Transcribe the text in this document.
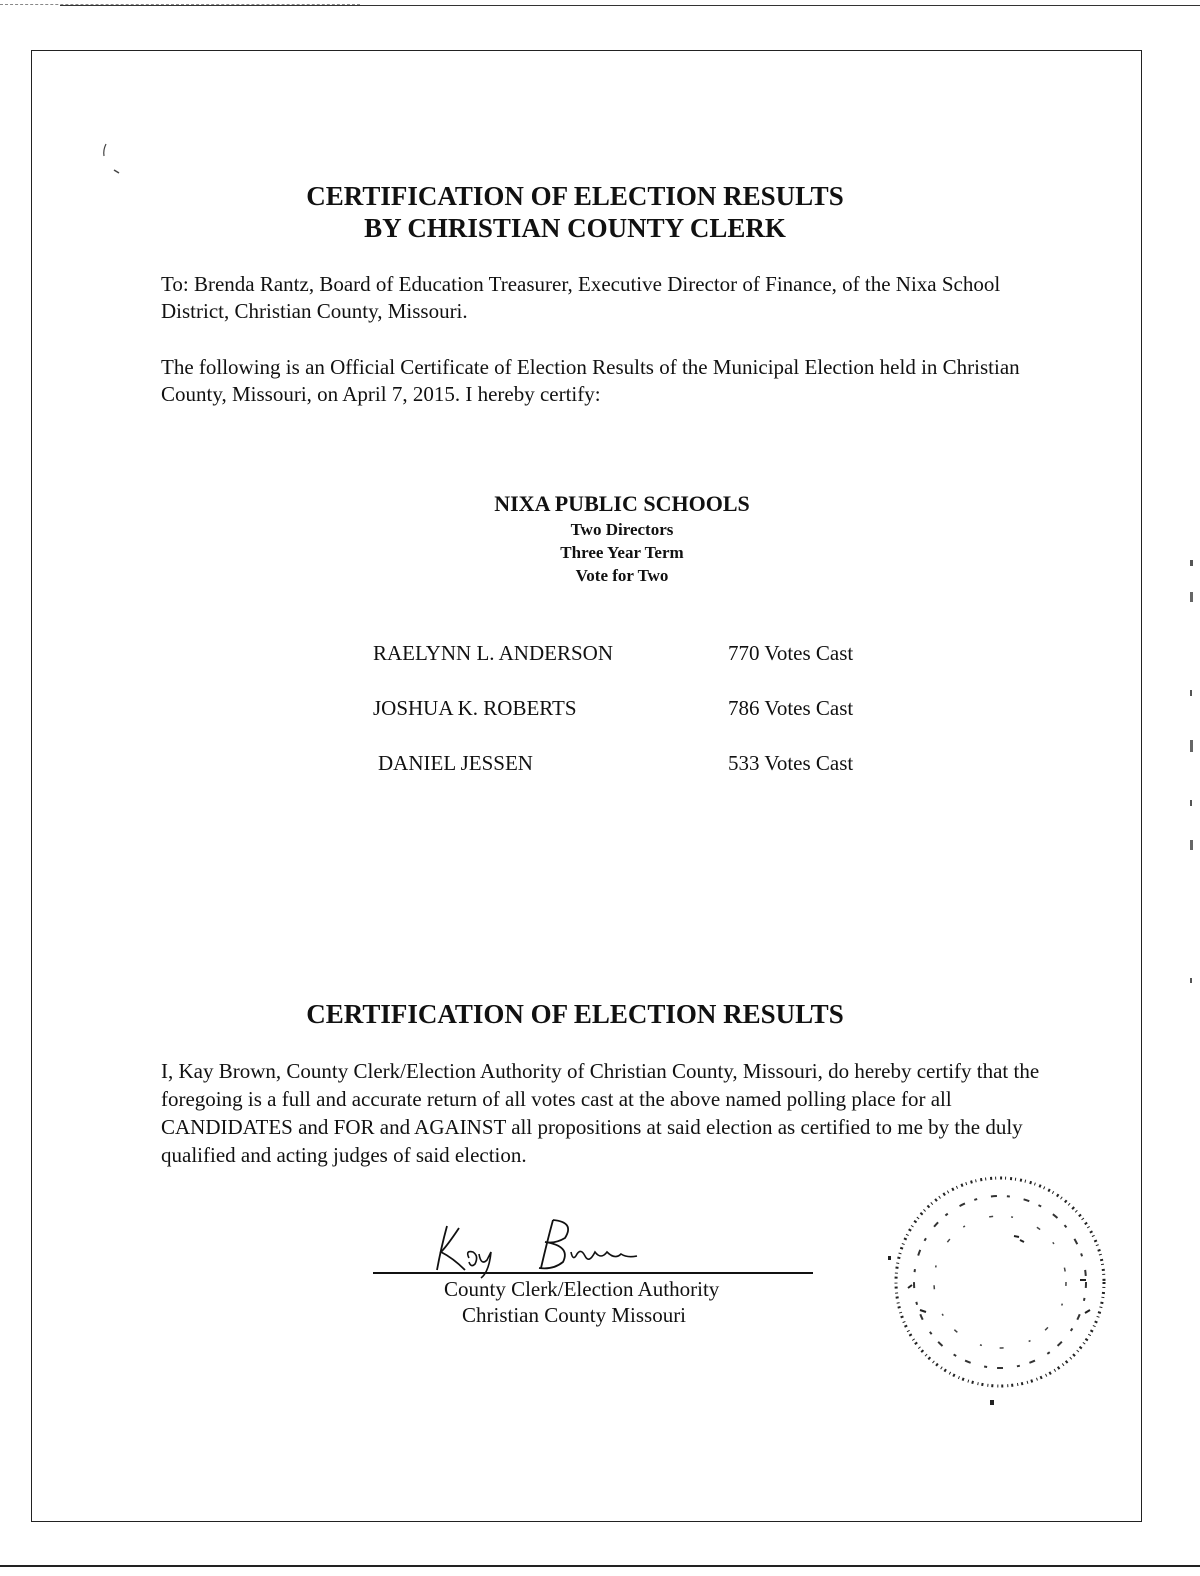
CERTIFICATION OF ELECTION RESULTS
BY CHRISTIAN COUNTY CLERK

To: Brenda Rantz, Board of Education Treasurer, Executive Director of Finance, of the Nixa School District, Christian County, Missouri.

The following is an Official Certificate of Election Results of the Municipal Election held in Christian County, Missouri, on April 7, 2015. I hereby certify:

NIXA PUBLIC SCHOOLS
Two Directors
Three Year Term
Vote for Two
RAELYNN L. ANDERSON	770 Votes Cast
JOSHUA K. ROBERTS	786 Votes Cast
DANIEL JESSEN	533 Votes Cast
CERTIFICATION OF ELECTION RESULTS

I, Kay Brown, County Clerk/Election Authority of Christian County, Missouri, do hereby certify that the foregoing is a full and accurate return of all votes cast at the above named polling place for all CANDIDATES and FOR and AGAINST all propositions at said election as certified to me by the duly qualified and acting judges of said election.

County Clerk/Election Authority
Christian County Missouri
